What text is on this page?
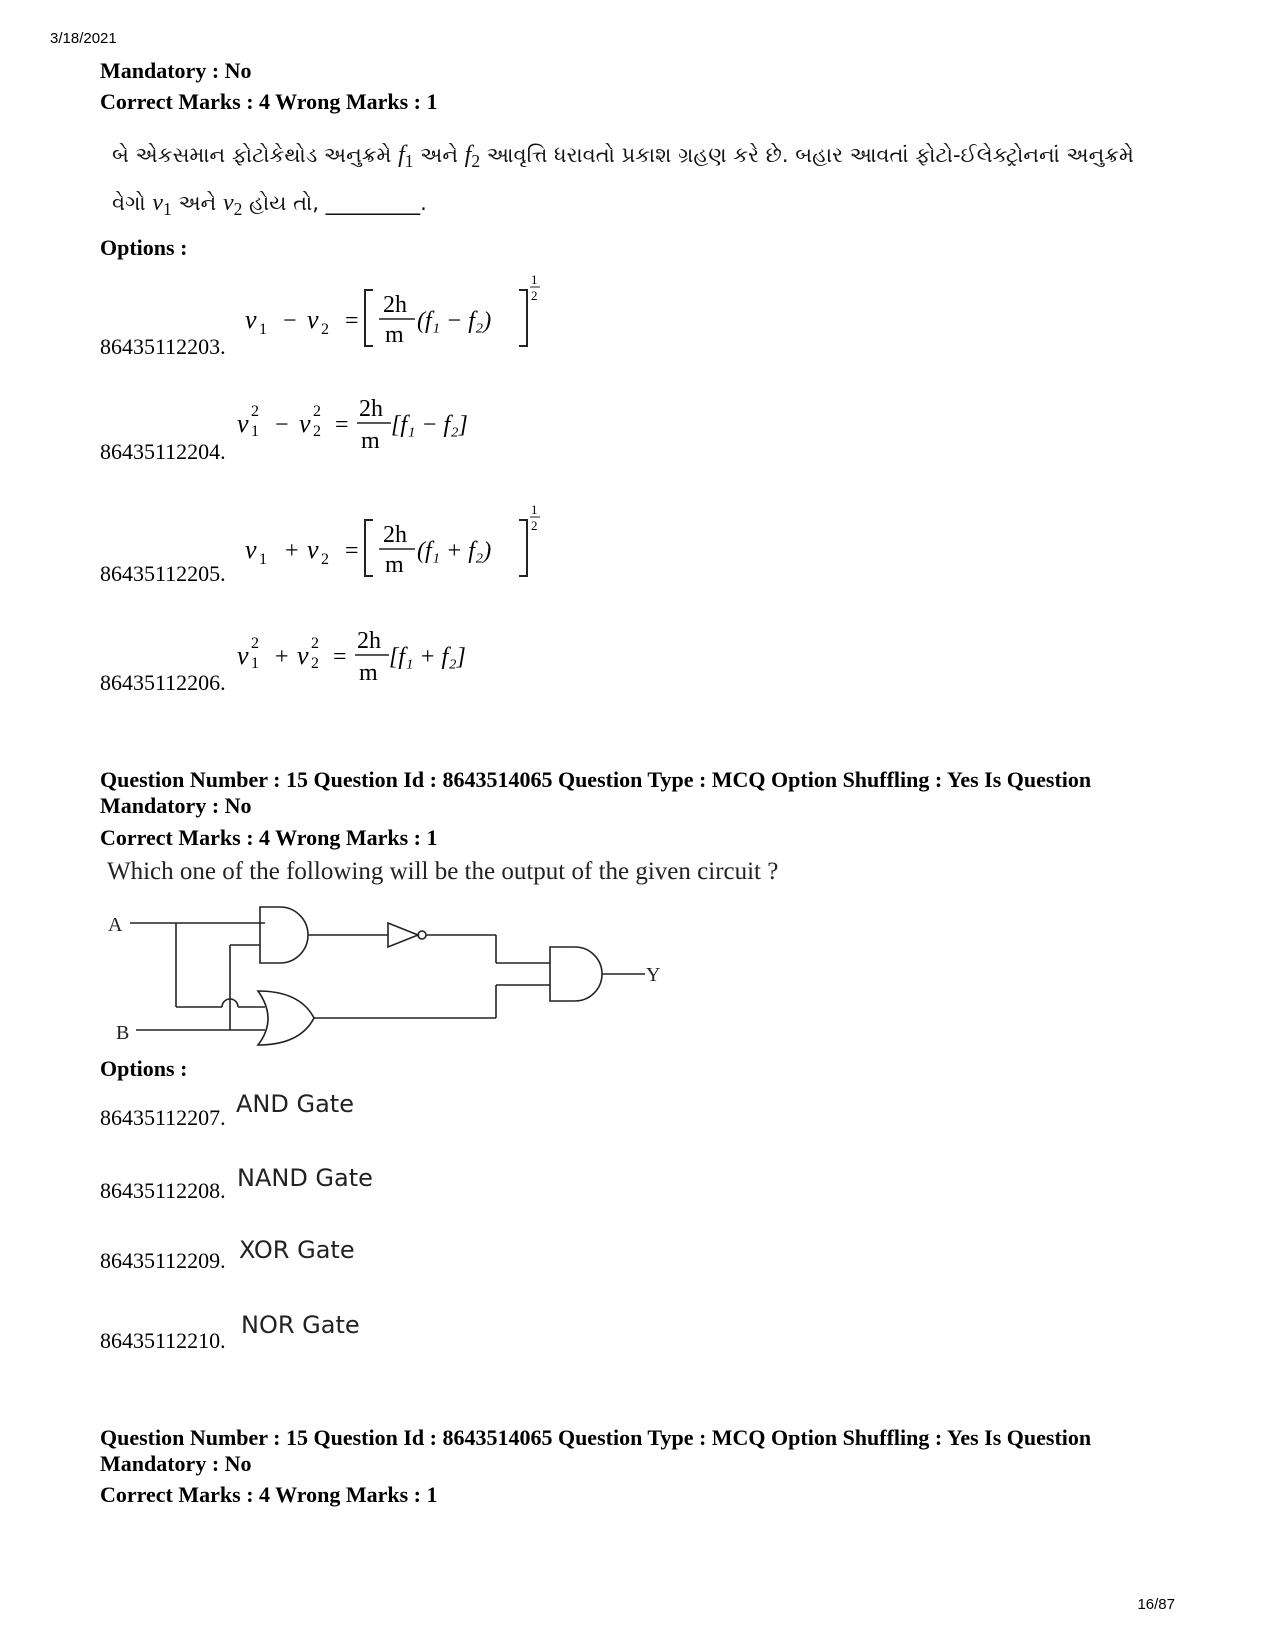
3/18/2021
Mandatory : No
Correct Marks : 4 Wrong Marks : 1
બે એકસમાન ફોટોકેથોડ અનુક્રમે $f_1$ અને $f_2$ આવૃત્તિ ધરાવતો પ્રકાશ ગ્રહણ કરે છે. બહાર આવતાં ફોટો-ઈલેક્ટ્રોનનાં અનુક્રમે
વેગો $v_1$ અને $v_2$ હોય તો, _________.
Options :
86435112203.
v 1 − v 2 =
2h
m
(f₁ − f₂)
1
2
86435112204.
v 2
1 − v 2
2 =
2h
m
[f₁ − f₂]
86435112205.
v 1 + v 2 =
2h
m
(f₁ + f₂)
1
2
86435112206.
v 2
1 + v 2
2 =
2h
m
[f₁ + f₂]
Question Number : 15 Question Id : 8643514065 Question Type : MCQ Option Shuffling : Yes Is Question
Mandatory : No
Correct Marks : 4 Wrong Marks : 1
Which one of the following will be the output of the given circuit ?
A
B
Y
Options :
86435112207. AND Gate
86435112208. NAND Gate
86435112209. XOR Gate
86435112210.
NOR Gate
Question Number : 15 Question Id : 8643514065 Question Type : MCQ Option Shuffling : Yes Is Question
Mandatory : No
Correct Marks : 4 Wrong Marks : 1
16/87
